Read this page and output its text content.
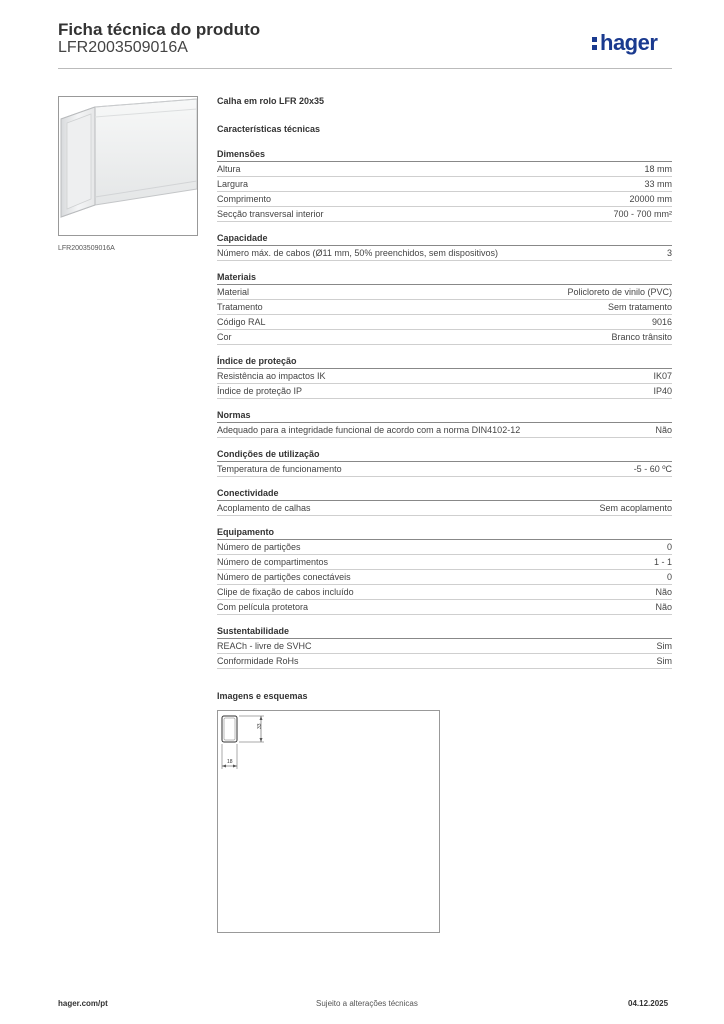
Ficha técnica do produto
LFR2003509016A	hager
LFR2003509016A
Calha em rolo LFR 20x35
Características técnicas
Dimensões
Altura	18 mm
Largura	33 mm
Comprimento	20000 mm
Secção transversal interior	700 - 700 mm²
Capacidade
Número máx. de cabos (Ø11 mm, 50% preenchidos, sem dispositivos)	3
Materiais
Material	Policloreto de vinilo (PVC)
Tratamento	Sem tratamento
Código RAL	9016
Cor	Branco trânsito
Índice de proteção
Resistência ao impactos IK	IK07
Índice de proteção IP	IP40
Normas
Adequado para a integridade funcional de acordo com a norma DIN4102-12	Não
Condições de utilização
Temperatura de funcionamento	-5 - 60 ºC
Conectividade
Acoplamento de calhas	Sem acoplamento
Equipamento
Número de partições	0
Número de compartimentos	1 - 1
Número de partições conectáveis	0
Clipe de fixação de cabos incluído	Não
Com película protetora	Não
Sustentabilidade
REACh - livre de SVHC	Sim
Conformidade RoHs	Sim
Imagens e esquemas
33
18
hager.com/pt	Sujeito a alterações técnicas	04.12.2025
